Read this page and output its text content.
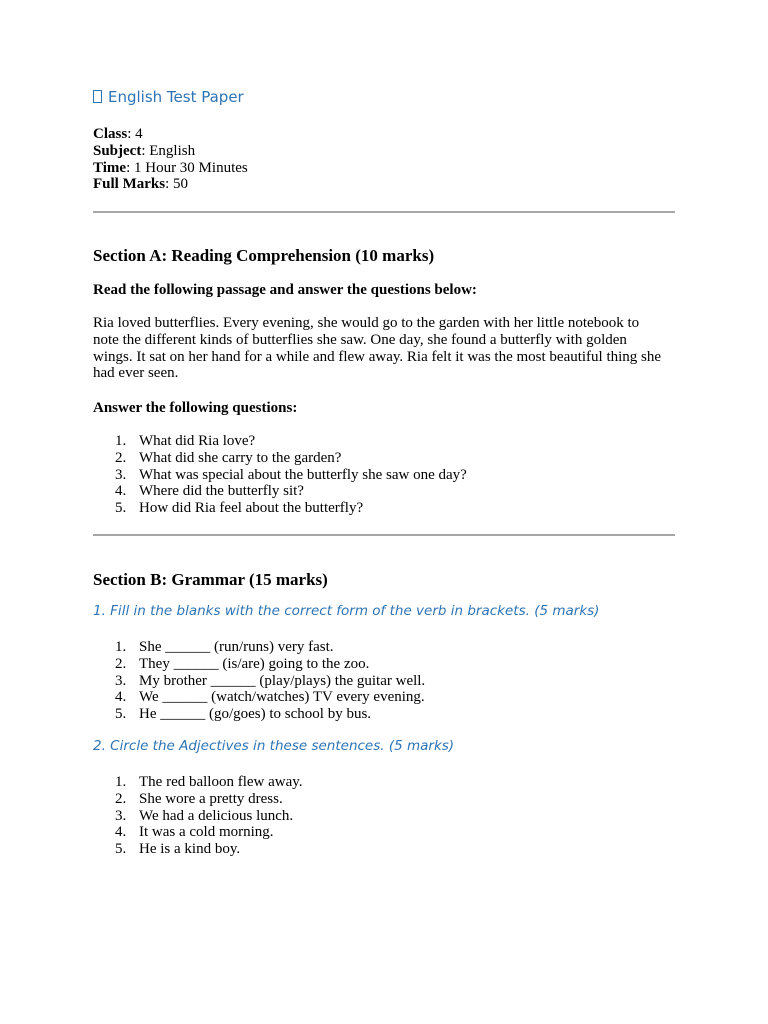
English Test Paper
Class: 4
Subject: English
Time: 1 Hour 30 Minutes
Full Marks: 50
Section A: Reading Comprehension (10 marks)
Read the following passage and answer the questions below:
Ria loved butterflies. Every evening, she would go to the garden with her little notebook to note the different kinds of butterflies she saw. One day, she found a butterfly with golden wings. It sat on her hand for a while and flew away. Ria felt it was the most beautiful thing she had ever seen.
Answer the following questions:
1. What did Ria love?
2. What did she carry to the garden?
3. What was special about the butterfly she saw one day?
4. Where did the butterfly sit?
5. How did Ria feel about the butterfly?
Section B: Grammar (15 marks)
1. Fill in the blanks with the correct form of the verb in brackets. (5 marks)
1. She ______ (run/runs) very fast.
2. They ______ (is/are) going to the zoo.
3. My brother ______ (play/plays) the guitar well.
4. We ______ (watch/watches) TV every evening.
5. He ______ (go/goes) to school by bus.
2. Circle the Adjectives in these sentences. (5 marks)
1. The red balloon flew away.
2. She wore a pretty dress.
3. We had a delicious lunch.
4. It was a cold morning.
5. He is a kind boy.
